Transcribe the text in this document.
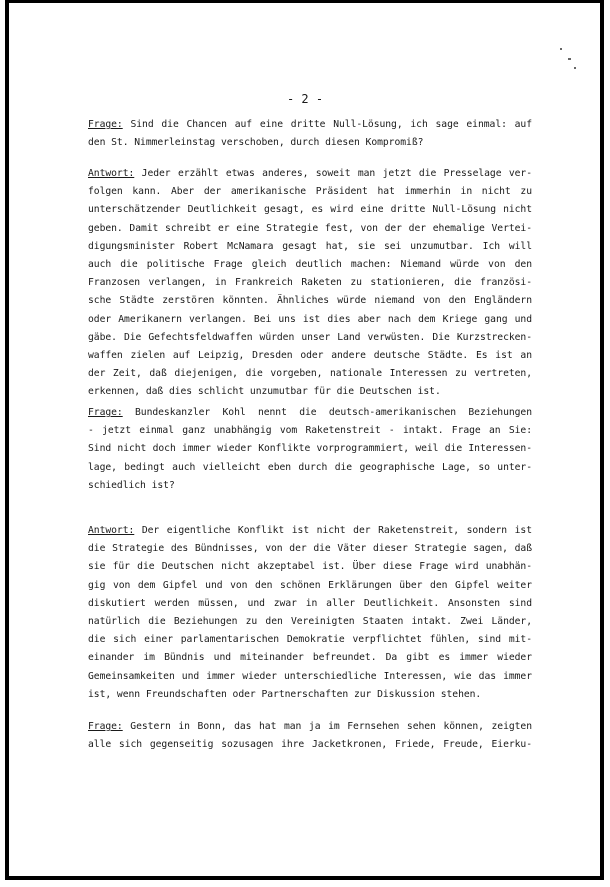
- 2 -
Frage: Sind die Chancen auf eine dritte Null-Lösung, ich sage einmal: auf
den St. Nimmerleinstag verschoben, durch diesen Kompromiß?
Antwort: Jeder erzählt etwas anderes, soweit man jetzt die Presselage ver-
folgen kann. Aber der amerikanische Präsident hat immerhin in nicht zu
unterschätzender Deutlichkeit gesagt, es wird eine dritte Null-Lösung nicht
geben. Damit schreibt er eine Strategie fest, von der der ehemalige Vertei-
digungsminister Robert McNamara gesagt hat, sie sei unzumutbar. Ich will
auch die politische Frage gleich deutlich machen: Niemand würde von den
Franzosen verlangen, in Frankreich Raketen zu stationieren, die französi-
sche Städte zerstören könnten. Ähnliches würde niemand von den Engländern
oder Amerikanern verlangen. Bei uns ist dies aber nach dem Kriege gang und
gäbe. Die Gefechtsfeldwaffen würden unser Land verwüsten. Die Kurzstrecken-
waffen zielen auf Leipzig, Dresden oder andere deutsche Städte. Es ist an
der Zeit, daß diejenigen, die vorgeben, nationale Interessen zu vertreten,
erkennen, daß dies schlicht unzumutbar für die Deutschen ist.
Frage: Bundeskanzler Kohl nennt die deutsch-amerikanischen Beziehungen
- jetzt einmal ganz unabhängig vom Raketenstreit - intakt. Frage an Sie:
Sind nicht doch immer wieder Konflikte vorprogrammiert, weil die Interessen-
lage, bedingt auch vielleicht eben durch die geographische Lage, so unter-
schiedlich ist?
Antwort: Der eigentliche Konflikt ist nicht der Raketenstreit, sondern ist
die Strategie des Bündnisses, von der die Väter dieser Strategie sagen, daß
sie für die Deutschen nicht akzeptabel ist. Über diese Frage wird unabhän-
gig von dem Gipfel und von den schönen Erklärungen über den Gipfel weiter
diskutiert werden müssen, und zwar in aller Deutlichkeit. Ansonsten sind
natürlich die Beziehungen zu den Vereinigten Staaten intakt. Zwei Länder,
die sich einer parlamentarischen Demokratie verpflichtet fühlen, sind mit-
einander im Bündnis und miteinander befreundet. Da gibt es immer wieder
Gemeinsamkeiten und immer wieder unterschiedliche Interessen, wie das immer
ist, wenn Freundschaften oder Partnerschaften zur Diskussion stehen.
Frage: Gestern in Bonn, das hat man ja im Fernsehen sehen können, zeigten
alle sich gegenseitig sozusagen ihre Jacketkronen, Friede, Freude, Eierku-
